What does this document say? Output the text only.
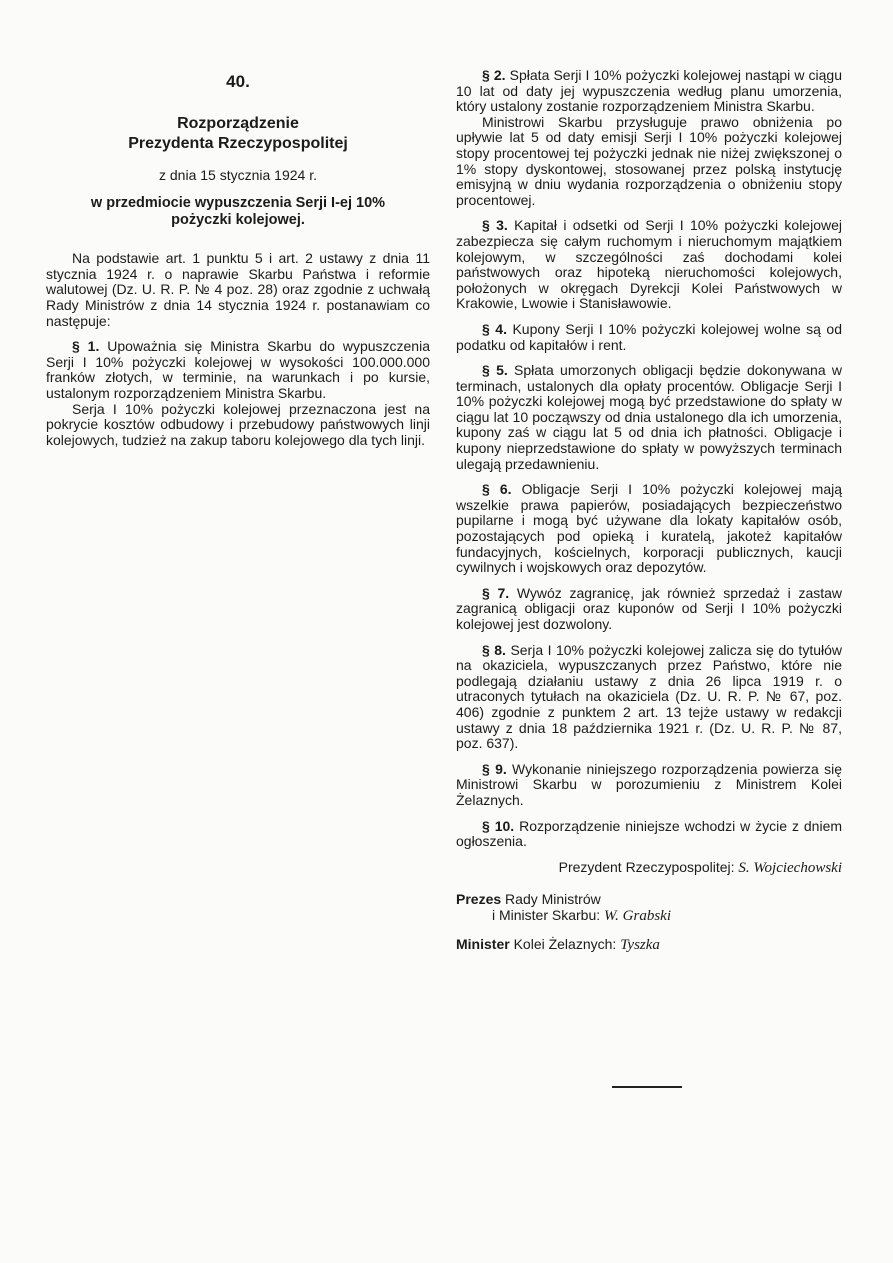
40.
Rozporządzenie
Prezydenta Rzeczypospolitej
z dnia 15 stycznia 1924 r.
w przedmiocie wypuszczenia Serji I-ej 10%
pożyczki kolejowej.

Na podstawie art. 1 punktu 5 i art. 2 ustawy z dnia 11 stycznia 1924 r. o naprawie Skarbu Państwa i reformie walutowej (Dz. U. R. P. № 4 poz. 28) oraz zgodnie z uchwałą Rady Ministrów z dnia 14 stycznia 1924 r. postanawiam co następuje:

§ 1. Upoważnia się Ministra Skarbu do wypuszczenia Serji I 10% pożyczki kolejowej w wysokości 100.000.000 franków złotych, w terminie, na warunkach i po kursie, ustalonym rozporządzeniem Ministra Skarbu.

Serja I 10% pożyczki kolejowej przeznaczona jest na pokrycie kosztów odbudowy i przebudowy państwowych linji kolejowych, tudzież na zakup taboru kolejowego dla tych linji.

§ 2. Spłata Serji I 10% pożyczki kolejowej nastąpi w ciągu 10 lat od daty jej wypuszczenia według planu umorzenia, który ustalony zostanie rozporządzeniem Ministra Skarbu.

Ministrowi Skarbu przysługuje prawo obniżenia po upływie lat 5 od daty emisji Serji I 10% pożyczki kolejowej stopy procentowej tej pożyczki jednak nie niżej zwiększonej o 1% stopy dyskontowej, stosowanej przez polską instytucję emisyjną w dniu wydania rozporządzenia o obniżeniu stopy procentowej.

§ 3. Kapitał i odsetki od Serji I 10% pożyczki kolejowej zabezpiecza się całym ruchomym i nieruchomym majątkiem kolejowym, w szczególności zaś dochodami kolei państwowych oraz hipoteką nieruchomości kolejowych, położonych w okręgach Dyrekcji Kolei Państwowych w Krakowie, Lwowie i Stanisławowie.

§ 4. Kupony Serji I 10% pożyczki kolejowej wolne są od podatku od kapitałów i rent.

§ 5. Spłata umorzonych obligacji będzie dokonywana w terminach, ustalonych dla opłaty procentów. Obligacje Serji I 10% pożyczki kolejowej mogą być przedstawione do spłaty w ciągu lat 10 począwszy od dnia ustalonego dla ich umorzenia, kupony zaś w ciągu lat 5 od dnia ich płatności. Obligacje i kupony nieprzedstawione do spłaty w powyższych terminach ulegają przedawnieniu.

§ 6. Obligacje Serji I 10% pożyczki kolejowej mają wszelkie prawa papierów, posiadających bezpieczeństwo pupilarne i mogą być używane dla lokaty kapitałów osób, pozostających pod opieką i kuratelą, jakoteż kapitałów fundacyjnych, kościelnych, korporacji publicznych, kaucji cywilnych i wojskowych oraz depozytów.

§ 7. Wywóz zagranicę, jak również sprzedaż i zastaw zagranicą obligacji oraz kuponów od Serji I 10% pożyczki kolejowej jest dozwolony.

§ 8. Serja I 10% pożyczki kolejowej zalicza się do tytułów na okaziciela, wypuszczanych przez Państwo, które nie podlegają działaniu ustawy z dnia 26 lipca 1919 r. o utraconych tytułach na okaziciela (Dz. U. R. P. № 67, poz. 406) zgodnie z punktem 2 art. 13 tejże ustawy w redakcji ustawy z dnia 18 października 1921 r. (Dz. U. R. P. № 87, poz. 637).

§ 9. Wykonanie niniejszego rozporządzenia powierza się Ministrowi Skarbu w porozumieniu z Ministrem Kolei Żelaznych.

§ 10. Rozporządzenie niniejsze wchodzi w życie z dniem ogłoszenia.

Prezydent Rzeczypospolitej: S. Wojciechowski

Prezes Rady Ministrów
i Minister Skarbu: W. Grabski
Minister Kolei Żelaznych: Tyszka
